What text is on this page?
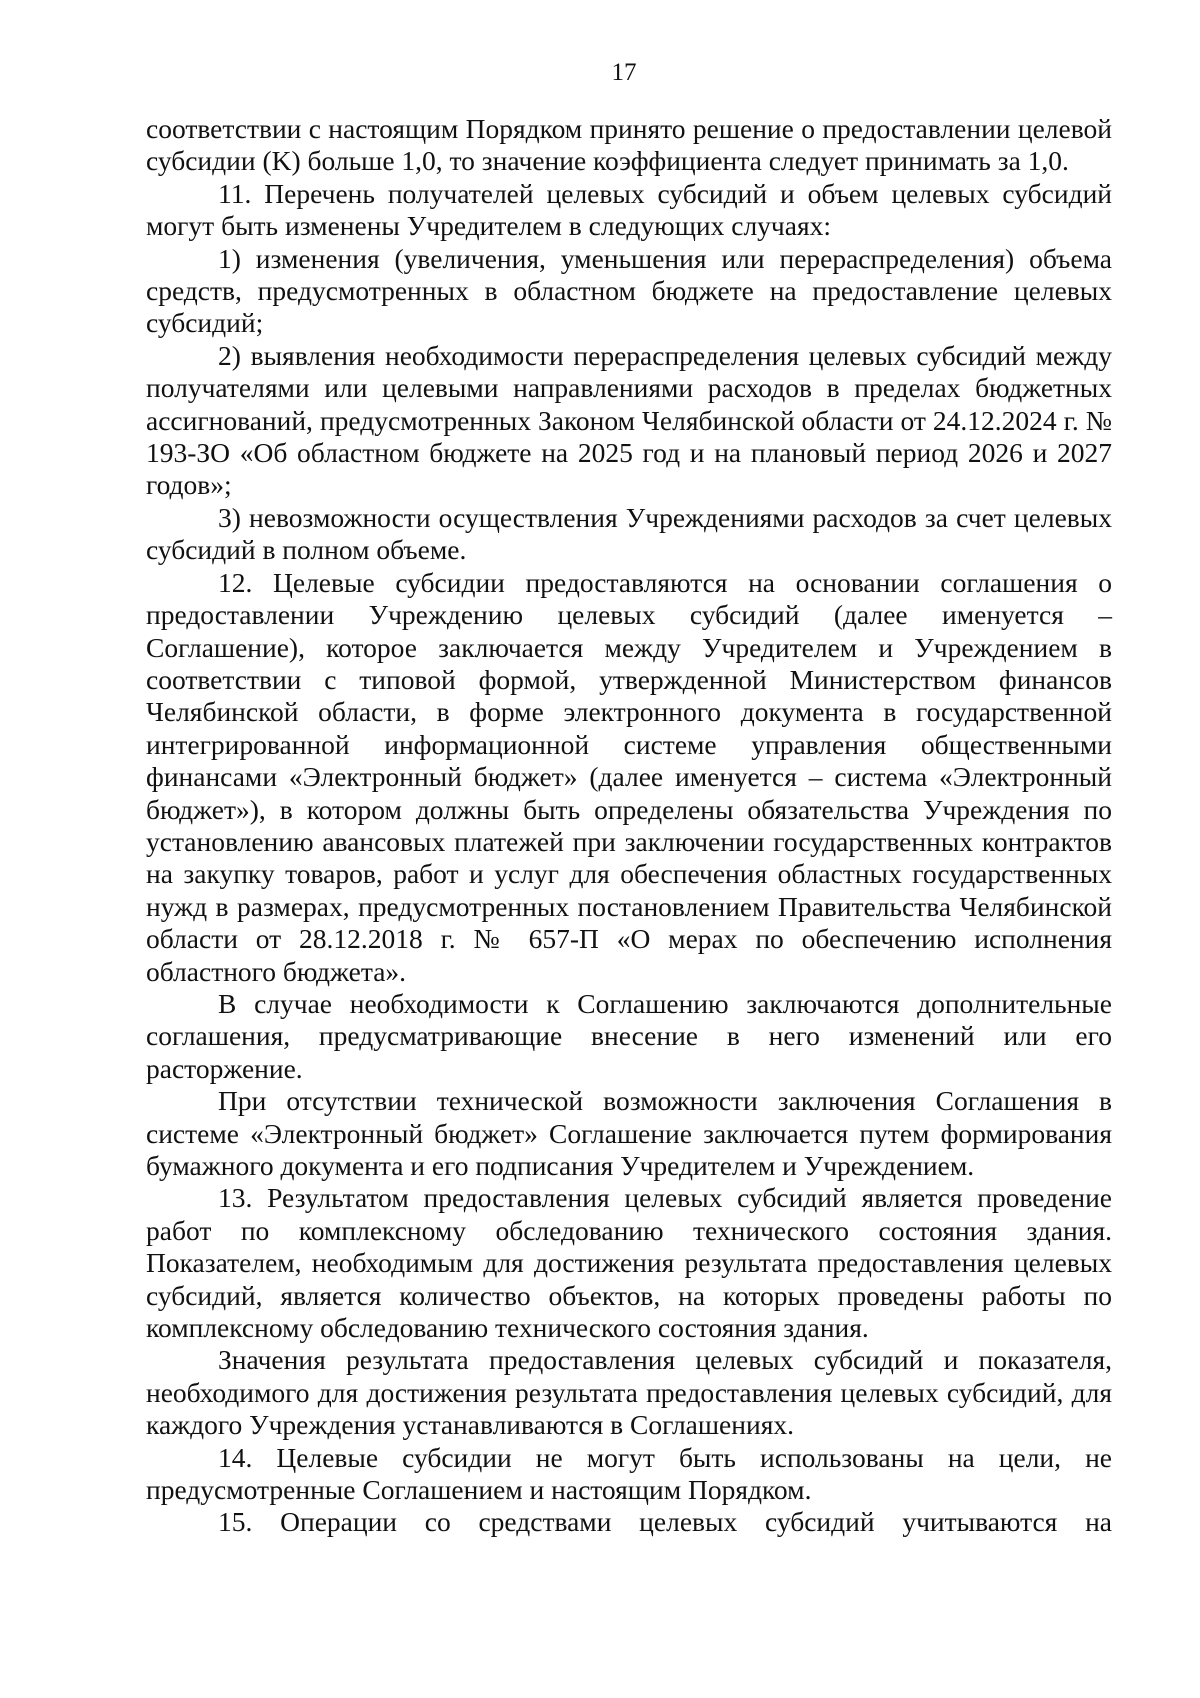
17

соответствии с настоящим Порядком принято решение о предоставлении целевой субсидии (K) больше 1,0, то значение коэффициента следует принимать за 1,0.

11. Перечень получателей целевых субсидий и объем целевых субсидий могут быть изменены Учредителем в следующих случаях:

1) изменения (увеличения, уменьшения или перераспределения) объема средств, предусмотренных в областном бюджете на предоставление целевых субсидий;

2) выявления необходимости перераспределения целевых субсидий между получателями или целевыми направлениями расходов в пределах бюджетных ассигнований, предусмотренных Законом Челябинской области от 24.12.2024 г. № 193-ЗО «Об областном бюджете на 2025 год и на плановый период 2026 и 2027 годов»;

3) невозможности осуществления Учреждениями расходов за счет целевых субсидий в полном объеме.

12. Целевые субсидии предоставляются на основании соглашения о предоставлении Учреждению целевых субсидий (далее именуется – Соглашение), которое заключается между Учредителем и Учреждением в соответствии с типовой формой, утвержденной Министерством финансов Челябинской области, в форме электронного документа в государственной интегрированной информационной системе управления общественными финансами «Электронный бюджет» (далее именуется – система «Электронный бюджет»), в котором должны быть определены обязательства Учреждения по установлению авансовых платежей при заключении государственных контрактов на закупку товаров, работ и услуг для обеспечения областных государственных нужд в размерах, предусмотренных постановлением Правительства Челябинской области от 28.12.2018 г. № 657-П «О мерах по обеспечению исполнения областного бюджета».

В случае необходимости к Соглашению заключаются дополнительные соглашения, предусматривающие внесение в него изменений или его расторжение.

При отсутствии технической возможности заключения Соглашения в системе «Электронный бюджет» Соглашение заключается путем формирования бумажного документа и его подписания Учредителем и Учреждением.

13. Результатом предоставления целевых субсидий является проведение работ по комплексному обследованию технического состояния здания. Показателем, необходимым для достижения результата предоставления целевых субсидий, является количество объектов, на которых проведены работы по комплексному обследованию технического состояния здания.

Значения результата предоставления целевых субсидий и показателя, необходимого для достижения результата предоставления целевых субсидий, для каждого Учреждения устанавливаются в Соглашениях.

14. Целевые субсидии не могут быть использованы на цели, не предусмотренные Соглашением и настоящим Порядком.

15. Операции со средствами целевых субсидий учитываются на
